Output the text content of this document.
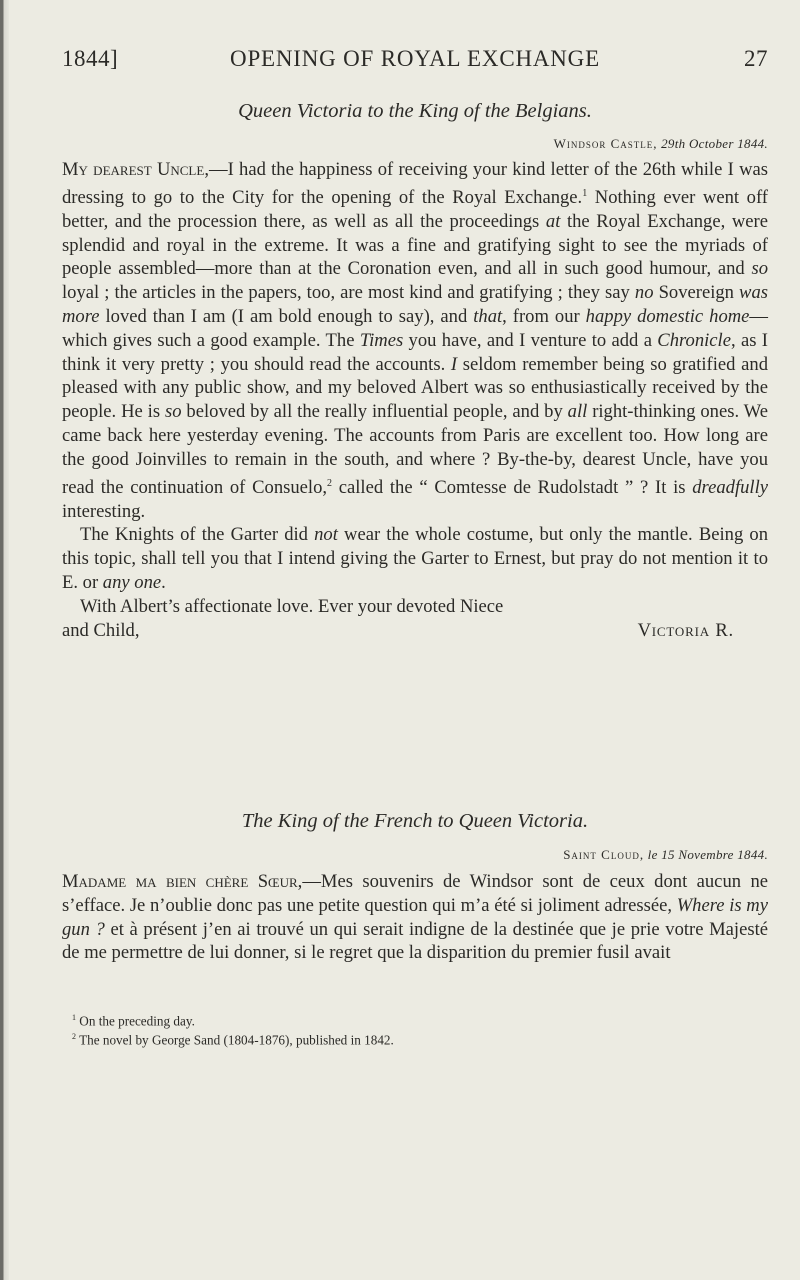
OPENING OF ROYAL EXCHANGE
1844]	27
Queen Victoria to the King of the Belgians.
Windsor Castle, 29th October 1844.

My dearest Uncle,—I had the happiness of receiving your kind letter of the 26th while I was dressing to go to the City for the opening of the Royal Exchange.$^1$ Nothing ever went off better, and the procession there, as well as all the proceedings at the Royal Exchange, were splendid and royal in the extreme. It was a fine and gratifying sight to see the myriads of people assembled—more than at the Coronation even, and all in such good humour, and so loyal ; the articles in the papers, too, are most kind and gratifying ; they say no Sovereign was more loved than I am (I am bold enough to say), and that, from our happy domestic home—which gives such a good example. The Times you have, and I venture to add a Chronicle, as I think it very pretty ; you should read the accounts. I seldom remember being so gratified and pleased with any public show, and my beloved Albert was so enthusiastically received by the people. He is so beloved by all the really influential people, and by all right-thinking ones. We came back here yesterday evening. The accounts from Paris are excellent too. How long are the good Joinvilles to remain in the south, and where ? By-the-by, dearest Uncle, have you read the continuation of Consuelo,$^2$ called the “ Comtesse de Rudolstadt ” ? It is dreadfully interesting.

The Knights of the Garter did not wear the whole costume, but only the mantle. Being on this topic, shall tell you that I intend giving the Garter to Ernest, but pray do not mention it to E. or any one.

With Albert’s affectionate love. Ever your devoted Niece

and Child,	Victoria R.
The King of the French to Queen Victoria.
Saint Cloud, le 15 Novembre 1844.

Madame ma bien chère Sœur,—Mes souvenirs de Windsor sont de ceux dont aucun ne s’efface. Je n’oublie donc pas une petite question qui m’a été si joliment adressée, Where is my gun ? et à présent j’en ai trouvé un qui serait indigne de la destinée que je prie votre Majesté de me permettre de lui donner, si le regret que la disparition du premier fusil avait

$^1$ On the preceding day.
$^2$ The novel by George Sand (1804-1876), published in 1842.
